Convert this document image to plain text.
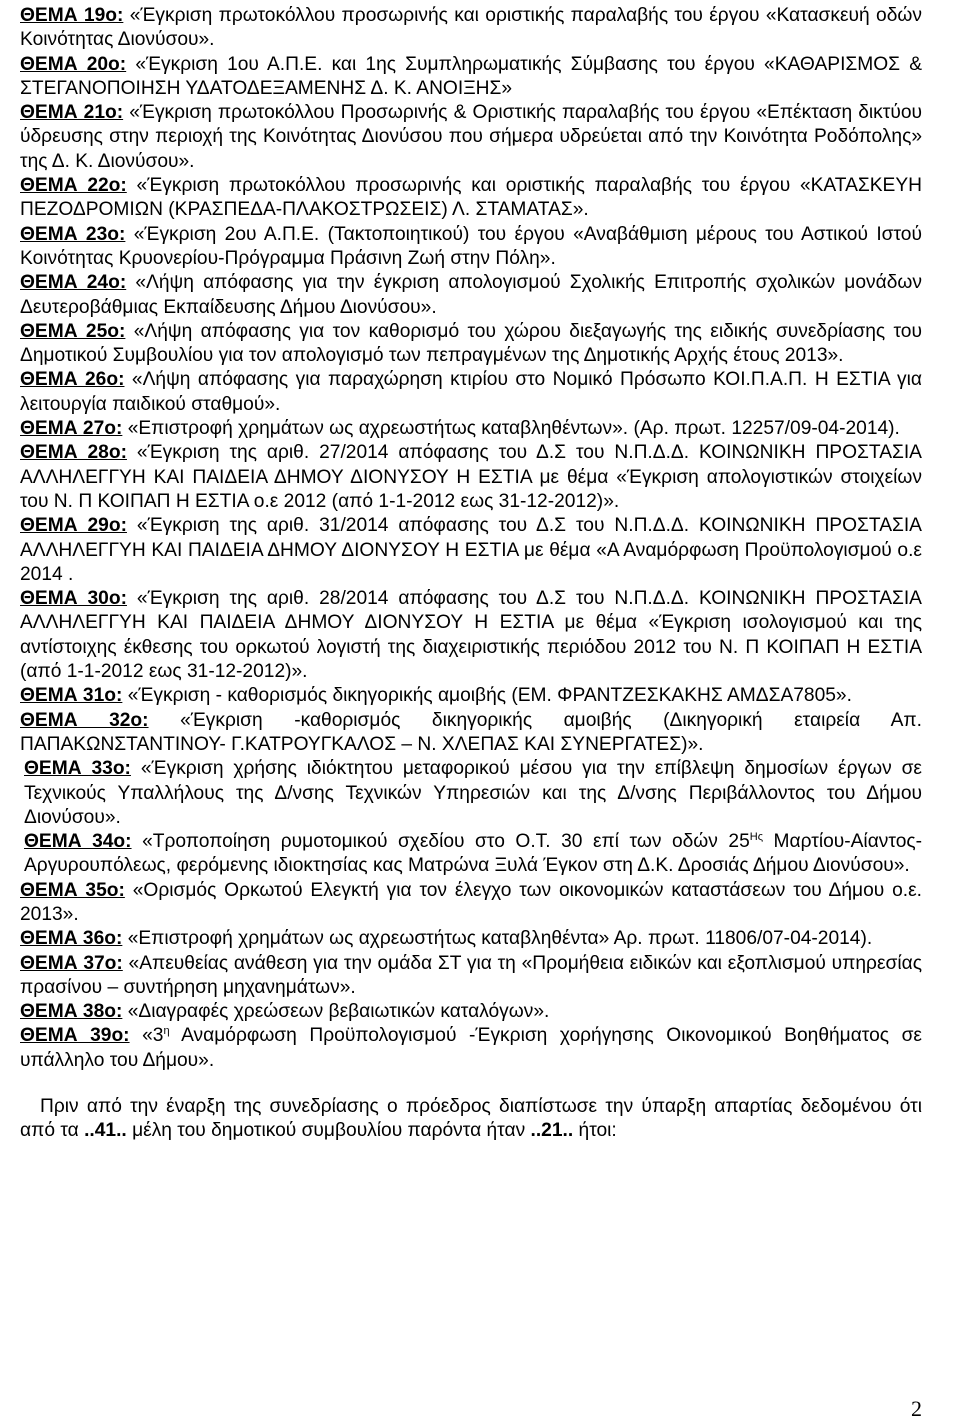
ΘΕΜΑ 19ο: «Έγκριση πρωτοκόλλου προσωρινής και οριστικής παραλαβής του έργου «Κατασκευή οδών Κοινότητας Διονύσου».

ΘΕΜΑ 20ο: «Έγκριση 1ου Α.Π.Ε. και 1ης Συμπληρωματικής Σύμβασης του έργου «ΚΑΘΑΡΙΣΜΟΣ & ΣΤΕΓΑΝΟΠΟΙΗΣΗ ΥΔΑΤΟΔΕΞΑΜΕΝΗΣ Δ. Κ. ΑΝΟΙΞΗΣ»

ΘΕΜΑ 21ο: «Έγκριση πρωτοκόλλου Προσωρινής & Οριστικής παραλαβής του έργου «Επέκταση δικτύου ύδρευσης στην περιοχή της Κοινότητας Διονύσου που σήμερα υδρεύεται από την Κοινότητα Ροδόπολης» της Δ. Κ. Διονύσου».

ΘΕΜΑ 22ο: «Έγκριση πρωτοκόλλου προσωρινής και οριστικής παραλαβής του έργου «ΚΑΤΑΣΚΕΥΗ ΠΕΖΟΔΡΟΜΙΩΝ (ΚΡΑΣΠΕΔΑ-ΠΛΑΚΟΣΤΡΩΣΕΙΣ) Λ. ΣΤΑΜΑΤΑΣ».

ΘΕΜΑ 23ο: «Έγκριση 2ου Α.Π.Ε. (Τακτοποιητικού) του έργου «Αναβάθμιση μέρους του Αστικού Ιστού Κοινότητας Κρυονερίου-Πρόγραμμα Πράσινη Ζωή στην Πόλη».

ΘΕΜΑ 24ο: «Λήψη απόφασης για την έγκριση απολογισμού Σχολικής Επιτροπής σχολικών μονάδων Δευτεροβάθμιας Εκπαίδευσης Δήμου Διονύσου».

ΘΕΜΑ 25ο: «Λήψη απόφασης για τον καθορισμό του χώρου διεξαγωγής της ειδικής συνεδρίασης του Δημοτικού Συμβουλίου για τον απολογισμό των πεπραγμένων της Δημοτικής Αρχής έτους 2013».

ΘΕΜΑ 26ο: «Λήψη απόφασης για παραχώρηση κτιρίου στο Νομικό Πρόσωπο ΚΟΙ.Π.Α.Π. Η ΕΣΤΙΑ για λειτουργία παιδικού σταθμού».

ΘΕΜΑ 27ο: «Επιστροφή χρημάτων ως αχρεωστήτως καταβληθέντων». (Αρ. πρωτ. 12257/09-04-2014).

ΘΕΜΑ 28ο: «Έγκριση της αριθ. 27/2014 απόφασης του Δ.Σ του Ν.Π.Δ.Δ. ΚΟΙΝΩΝΙΚΗ ΠΡΟΣΤΑΣΙΑ ΑΛΛΗΛΕΓΓΥΗ ΚΑΙ ΠΑΙΔΕΙΑ ΔΗΜΟΥ ΔΙΟΝΥΣΟΥ Η ΕΣΤΙΑ με θέμα «Έγκριση απολογιστικών στοιχείων του Ν. Π ΚΟΙΠΑΠ Η ΕΣΤΙΑ ο.ε 2012 (από 1-1-2012 εως 31-12-2012)».

ΘΕΜΑ 29ο: «Έγκριση της αριθ. 31/2014 απόφασης του Δ.Σ του Ν.Π.Δ.Δ. ΚΟΙΝΩΝΙΚΗ ΠΡΟΣΤΑΣΙΑ ΑΛΛΗΛΕΓΓΥΗ ΚΑΙ ΠΑΙΔΕΙΑ ΔΗΜΟΥ ΔΙΟΝΥΣΟΥ Η ΕΣΤΙΑ με θέμα «Α Αναμόρφωση Προϋπολογισμού ο.ε 2014 .

ΘΕΜΑ 30ο: «Έγκριση της αριθ. 28/2014 απόφασης του Δ.Σ του Ν.Π.Δ.Δ. ΚΟΙΝΩΝΙΚΗ ΠΡΟΣΤΑΣΙΑ ΑΛΛΗΛΕΓΓΥΗ ΚΑΙ ΠΑΙΔΕΙΑ ΔΗΜΟΥ ΔΙΟΝΥΣΟΥ Η ΕΣΤΙΑ με θέμα «Έγκριση ισολογισμού και της αντίστοιχης έκθεσης του ορκωτού λογιστή της διαχειριστικής περιόδου 2012 του Ν. Π ΚΟΙΠΑΠ Η ΕΣΤΙΑ (από 1-1-2012 εως 31-12-2012)».

ΘΕΜΑ 31ο: «Έγκριση - καθορισμός δικηγορικής αμοιβής (ΕΜ. ΦΡΑΝΤΖΕΣΚΑΚΗΣ ΑΜΔΣΑ7805».

ΘΕΜΑ 32ο: «Έγκριση -καθορισμός δικηγορικής αμοιβής (Δικηγορική εταιρεία Απ. ΠΑΠΑΚΩΝΣΤΑΝΤΙΝΟΥ- Γ.ΚΑΤΡΟΥΓΚΑΛΟΣ – Ν. ΧΛΕΠΑΣ ΚΑΙ ΣΥΝΕΡΓΑΤΕΣ)».

ΘΕΜΑ 33ο: «Έγκριση χρήσης ιδιόκτητου μεταφορικού μέσου για την επίβλεψη δημοσίων έργων σε Τεχνικούς Υπαλλήλους της Δ/νσης Τεχνικών Υπηρεσιών και της Δ/νσης Περιβάλλοντος του Δήμου Διονύσου».

ΘΕΜΑ 34ο: «Τροποποίηση ρυμοτομικού σχεδίου στο Ο.Τ. 30 επί των οδών $25^{H\varsigma}$ Μαρτίου-Αίαντος-Αργυρουπόλεως, φερόμενης ιδιοκτησίας κας Ματρώνα Ξυλά Έγκον στη Δ.Κ. Δροσιάς Δήμου Διονύσου».

ΘΕΜΑ 35ο: «Ορισμός Ορκωτού Ελεγκτή για τον έλεγχο των οικονομικών καταστάσεων του Δήμου ο.ε. 2013».

ΘΕΜΑ 36ο: «Επιστροφή χρημάτων ως αχρεωστήτως καταβληθέντα» Αρ. πρωτ. 11806/07-04-2014).

ΘΕΜΑ 37ο: «Απευθείας ανάθεση για την ομάδα ΣΤ για τη «Προμήθεια ειδικών και εξοπλισμού υπηρεσίας πρασίνου – συντήρηση μηχανημάτων».

ΘΕΜΑ 38ο: «Διαγραφές χρεώσεων βεβαιωτικών καταλόγων».

ΘΕΜΑ 39ο: «$3^\eta$ Αναμόρφωση Προϋπολογισμού -Έγκριση χορήγησης Οικονομικού Βοηθήματος σε υπάλληλο του Δήμου».

Πριν από την έναρξη της συνεδρίασης ο πρόεδρος διαπίστωσε την ύπαρξη απαρτίας δεδομένου ότι από τα ..41.. μέλη του δημοτικού συμβουλίου παρόντα ήταν ..21.. ήτοι:

2
